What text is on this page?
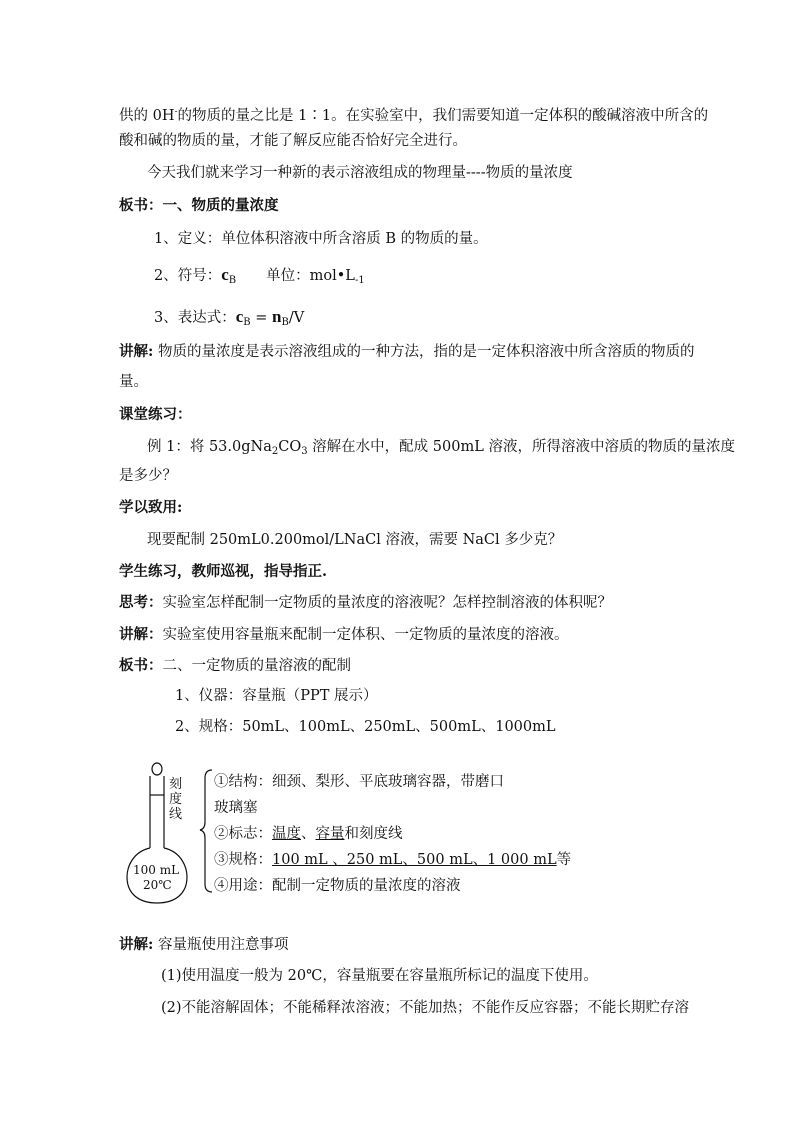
供的 0H-的物质的量之比是 1∶1。在实验室中，我们需要知道一定体积的酸碱溶液中所含的
酸和碱的物质的量，才能了解反应能否恰好完全进行。
今天我们就来学习一种新的表示溶液组成的物理量----物质的量浓度
板书：一、物质的量浓度
1、定义：单位体积溶液中所含溶质 B 的物质的量。
2、符号：$c_B$ 单位：$mol•L_{-1}$
3、表达式：$c_B = n_B/V$
讲解: 物质的量浓度是表示溶液组成的一种方法，指的是一定体积溶液中所含溶质的物质的
量。
课堂练习：
例 1：将 $53.0gNa_2CO_3$ 溶解在水中，配成 500mL 溶液，所得溶液中溶质的物质的量浓度
是多少？
学以致用:
现要配制 250mL0.200mol/LNaCl 溶液，需要 NaCl 多少克？
学生练习，教师巡视，指导指正.
思考：实验室怎样配制一定物质的量浓度的溶液呢？怎样控制溶液的体积呢？
讲解：实验室使用容量瓶来配制一定体积、一定物质的量浓度的溶液。
板书：二、一定物质的量溶液的配制
1、仪器：容量瓶（PPT 展示）
2、规格：50mL、100mL、250mL、500mL、1000mL
刻
度
线
100 mL
20℃
①结构：细颈、梨形、平底玻璃容器，带磨口
玻璃塞
②标志：温度、容量和刻度线
③规格：100 mL 、250 mL、500 mL、1 000 mL等
④用途：配制一定物质的量浓度的溶液
讲解: 容量瓶使用注意事项
(1)使用温度一般为 20℃，容量瓶要在容量瓶所标记的温度下使用。
(2)不能溶解固体；不能稀释浓溶液；不能加热；不能作反应容器；不能长期贮存溶
